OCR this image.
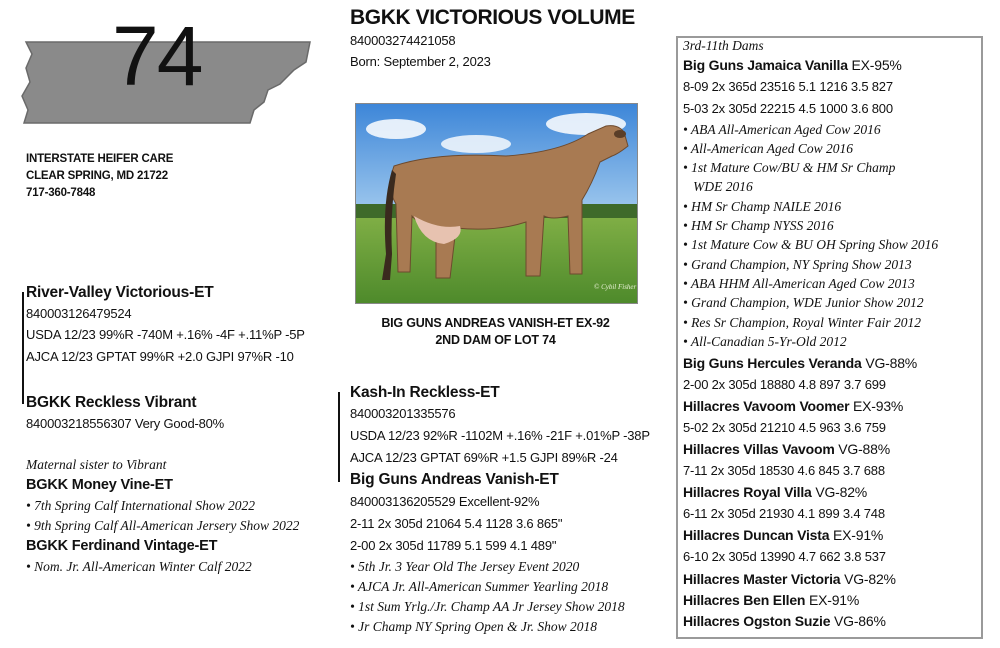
74
INTERSTATE HEIFER CARE
CLEAR SPRING, MD 21722
717-360-7848
BGKK VICTORIOUS VOLUME
840003274421058
Born: September 2, 2023
© Cybil Fisher
BIG GUNS ANDREAS VANISH-ET EX-92
2ND DAM OF LOT 74
River-Valley Victorious-ET
840003126479524
USDA 12/23 99%R -740M +.16% -4F +.11%P -5P
AJCA 12/23 GPTAT 99%R +2.0 GJPI 97%R -10
BGKK Reckless Vibrant
840003218556307 Very Good-80%
Maternal sister to Vibrant
BGKK Money Vine-ET
• 7th Spring Calf International Show 2022
• 9th Spring Calf All-American Jersery Show 2022
BGKK Ferdinand Vintage-ET
• Nom. Jr. All-American Winter Calf 2022
Kash-In Reckless-ET
840003201335576
USDA 12/23 92%R -1102M +.16% -21F +.01%P -38P
AJCA 12/23 GPTAT 69%R +1.5 GJPI 89%R -24
Big Guns Andreas Vanish-ET
840003136205529 Excellent-92%
2-11 2x 305d 21064 5.4 1128 3.6 865"
2-00 2x 305d 11789 5.1 599 4.1 489"
• 5th Jr. 3 Year Old The Jersey Event 2020
• AJCA Jr. All-American Summer Yearling 2018
• 1st Sum Yrlg./Jr. Champ AA Jr Jersey Show 2018
• Jr Champ NY Spring Open & Jr. Show 2018
3rd-11th Dams
Big Guns Jamaica Vanilla EX-95%
8-09 2x 365d 23516 5.1 1216 3.5 827
5-03 2x 305d 22215 4.5 1000 3.6 800
• ABA All-American Aged Cow 2016
• All-American Aged Cow 2016
• 1st Mature Cow/BU & HM Sr Champ
WDE 2016
• HM Sr Champ NAILE 2016
• HM Sr Champ NYSS 2016
• 1st Mature Cow & BU OH Spring Show 2016
• Grand Champion, NY Spring Show 2013
• ABA HHM All-American Aged Cow 2013
• Grand Champion, WDE Junior Show 2012
• Res Sr Champion, Royal Winter Fair 2012
• All-Canadian 5-Yr-Old 2012
Big Guns Hercules Veranda VG-88%
2-00 2x 305d 18880 4.8 897 3.7 699
Hillacres Vavoom Voomer EX-93%
5-02 2x 305d 21210 4.5 963 3.6 759
Hillacres Villas Vavoom VG-88%
7-11 2x 305d 18530 4.6 845 3.7 688
Hillacres Royal Villa VG-82%
6-11 2x 305d 21930 4.1 899 3.4 748
Hillacres Duncan Vista EX-91%
6-10 2x 305d 13990 4.7 662 3.8 537
Hillacres Master Victoria VG-82%
Hillacres Ben Ellen EX-91%
Hillacres Ogston Suzie VG-86%
